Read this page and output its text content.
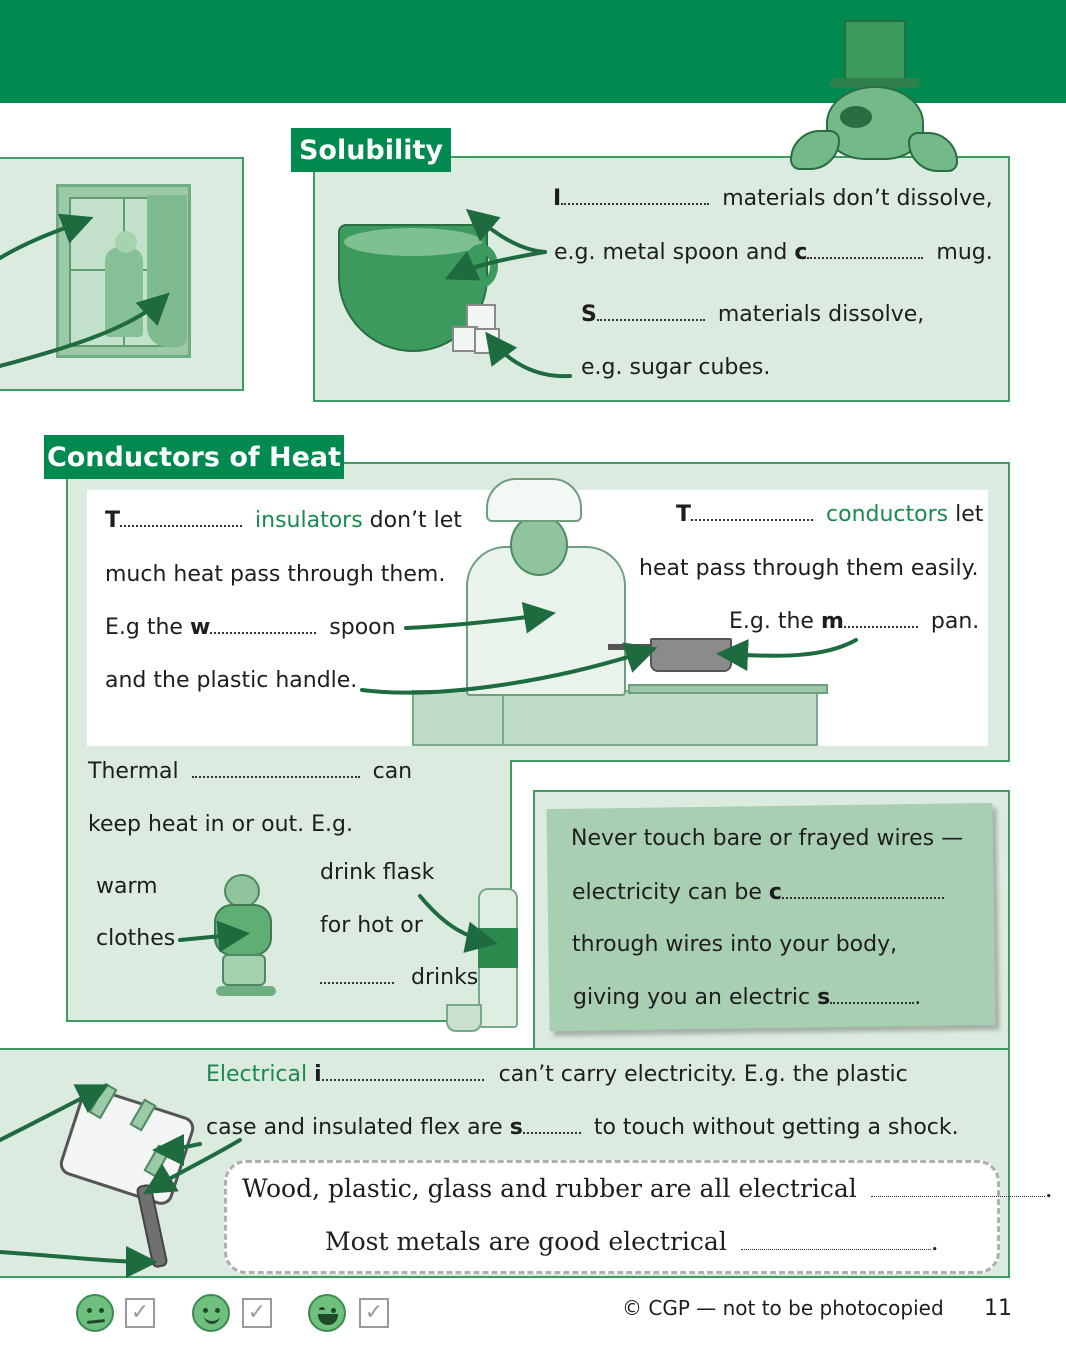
Solubility
I	materials don’t dissolve,
e.g. metal spoon and c	mug.
S	materials dissolve,
e.g. sugar cubes.
Conductors of Heat
T	insulators don’t let
much heat pass through them.
E.g the w	spoon
and the plastic handle.
T	conductors let
heat pass through them easily.
E.g. the m	pan.
Thermal	can
keep heat in or out. E.g.
warm
clothes
drink flask
for hot or
drinks
Never touch bare or frayed wires —
electricity can be c
through wires into your body,
giving you an electric s	.
Electrical i	can’t carry electricity. E.g. the plastic
case and insulated flex are s	to touch without getting a shock.
Wood, plastic, glass and rubber are all electrical	.
Most metals are good electrical	.
✓	✓	✓	© CGP — not to be photocopied 11
